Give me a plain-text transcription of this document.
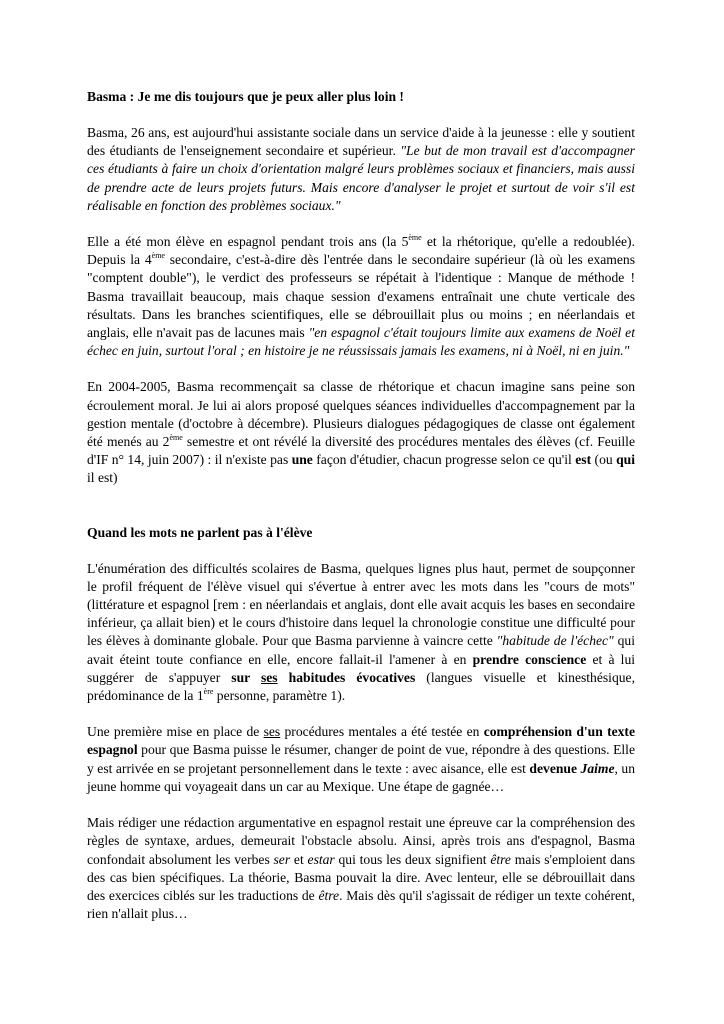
Basma : Je me dis toujours que je peux aller plus loin !

Basma, 26 ans, est aujourd'hui assistante sociale dans un service d'aide à la jeunesse : elle y soutient des étudiants de l'enseignement secondaire et supérieur. "Le but de mon travail est d'accompagner ces étudiants à faire un choix d'orientation malgré leurs problèmes sociaux et financiers, mais aussi de prendre acte de leurs projets futurs. Mais encore d'analyser le projet et surtout de voir s'il est réalisable en fonction des problèmes sociaux."

Elle a été mon élève en espagnol pendant trois ans (la 5ème et la rhétorique, qu'elle a redoublée). Depuis la 4ème secondaire, c'est-à-dire dès l'entrée dans le secondaire supérieur (là où les examens "comptent double"), le verdict des professeurs se répétait à l'identique : Manque de méthode ! Basma travaillait beaucoup, mais chaque session d'examens entraînait une chute verticale des résultats. Dans les branches scientifiques, elle se débrouillait plus ou moins ; en néerlandais et anglais, elle n'avait pas de lacunes mais "en espagnol c'était toujours limite aux examens de Noël et échec en juin, surtout l'oral ; en histoire je ne réussissais jamais les examens, ni à Noël, ni en juin."

En 2004-2005, Basma recommençait sa classe de rhétorique et chacun imagine sans peine son écroulement moral. Je lui ai alors proposé quelques séances individuelles d'accompagnement par la gestion mentale (d'octobre à décembre). Plusieurs dialogues pédagogiques de classe ont également été menés au 2ème semestre et ont révélé la diversité des procédures mentales des élèves (cf. Feuille d'IF n° 14, juin 2007) : il n'existe pas une façon d'étudier, chacun progresse selon ce qu'il est (ou qui il est)

Quand les mots ne parlent pas à l'élève

L'énumération des difficultés scolaires de Basma, quelques lignes plus haut, permet de soupçonner le profil fréquent de l'élève visuel qui s'évertue à entrer avec les mots dans les "cours de mots" (littérature et espagnol [rem : en néerlandais et anglais, dont elle avait acquis les bases en secondaire inférieur, ça allait bien) et le cours d'histoire dans lequel la chronologie constitue une difficulté pour les élèves à dominante globale. Pour que Basma parvienne à vaincre cette "habitude de l'échec" qui avait éteint toute confiance en elle, encore fallait-il l'amener à en prendre conscience et à lui suggérer de s'appuyer sur ses habitudes évocatives (langues visuelle et kinesthésique, prédominance de la 1ère personne, paramètre 1).

Une première mise en place de ses procédures mentales a été testée en compréhension d'un texte espagnol pour que Basma puisse le résumer, changer de point de vue, répondre à des questions. Elle y est arrivée en se projetant personnellement dans le texte : avec aisance, elle est devenue Jaime, un jeune homme qui voyageait dans un car au Mexique. Une étape de gagnée…

Mais rédiger une rédaction argumentative en espagnol restait une épreuve car la compréhension des règles de syntaxe, ardues, demeurait l'obstacle absolu. Ainsi, après trois ans d'espagnol, Basma confondait absolument les verbes ser et estar qui tous les deux signifient être mais s'emploient dans des cas bien spécifiques. La théorie, Basma pouvait la dire. Avec lenteur, elle se débrouillait dans des exercices ciblés sur les traductions de être. Mais dès qu'il s'agissait de rédiger un texte cohérent, rien n'allait plus…
